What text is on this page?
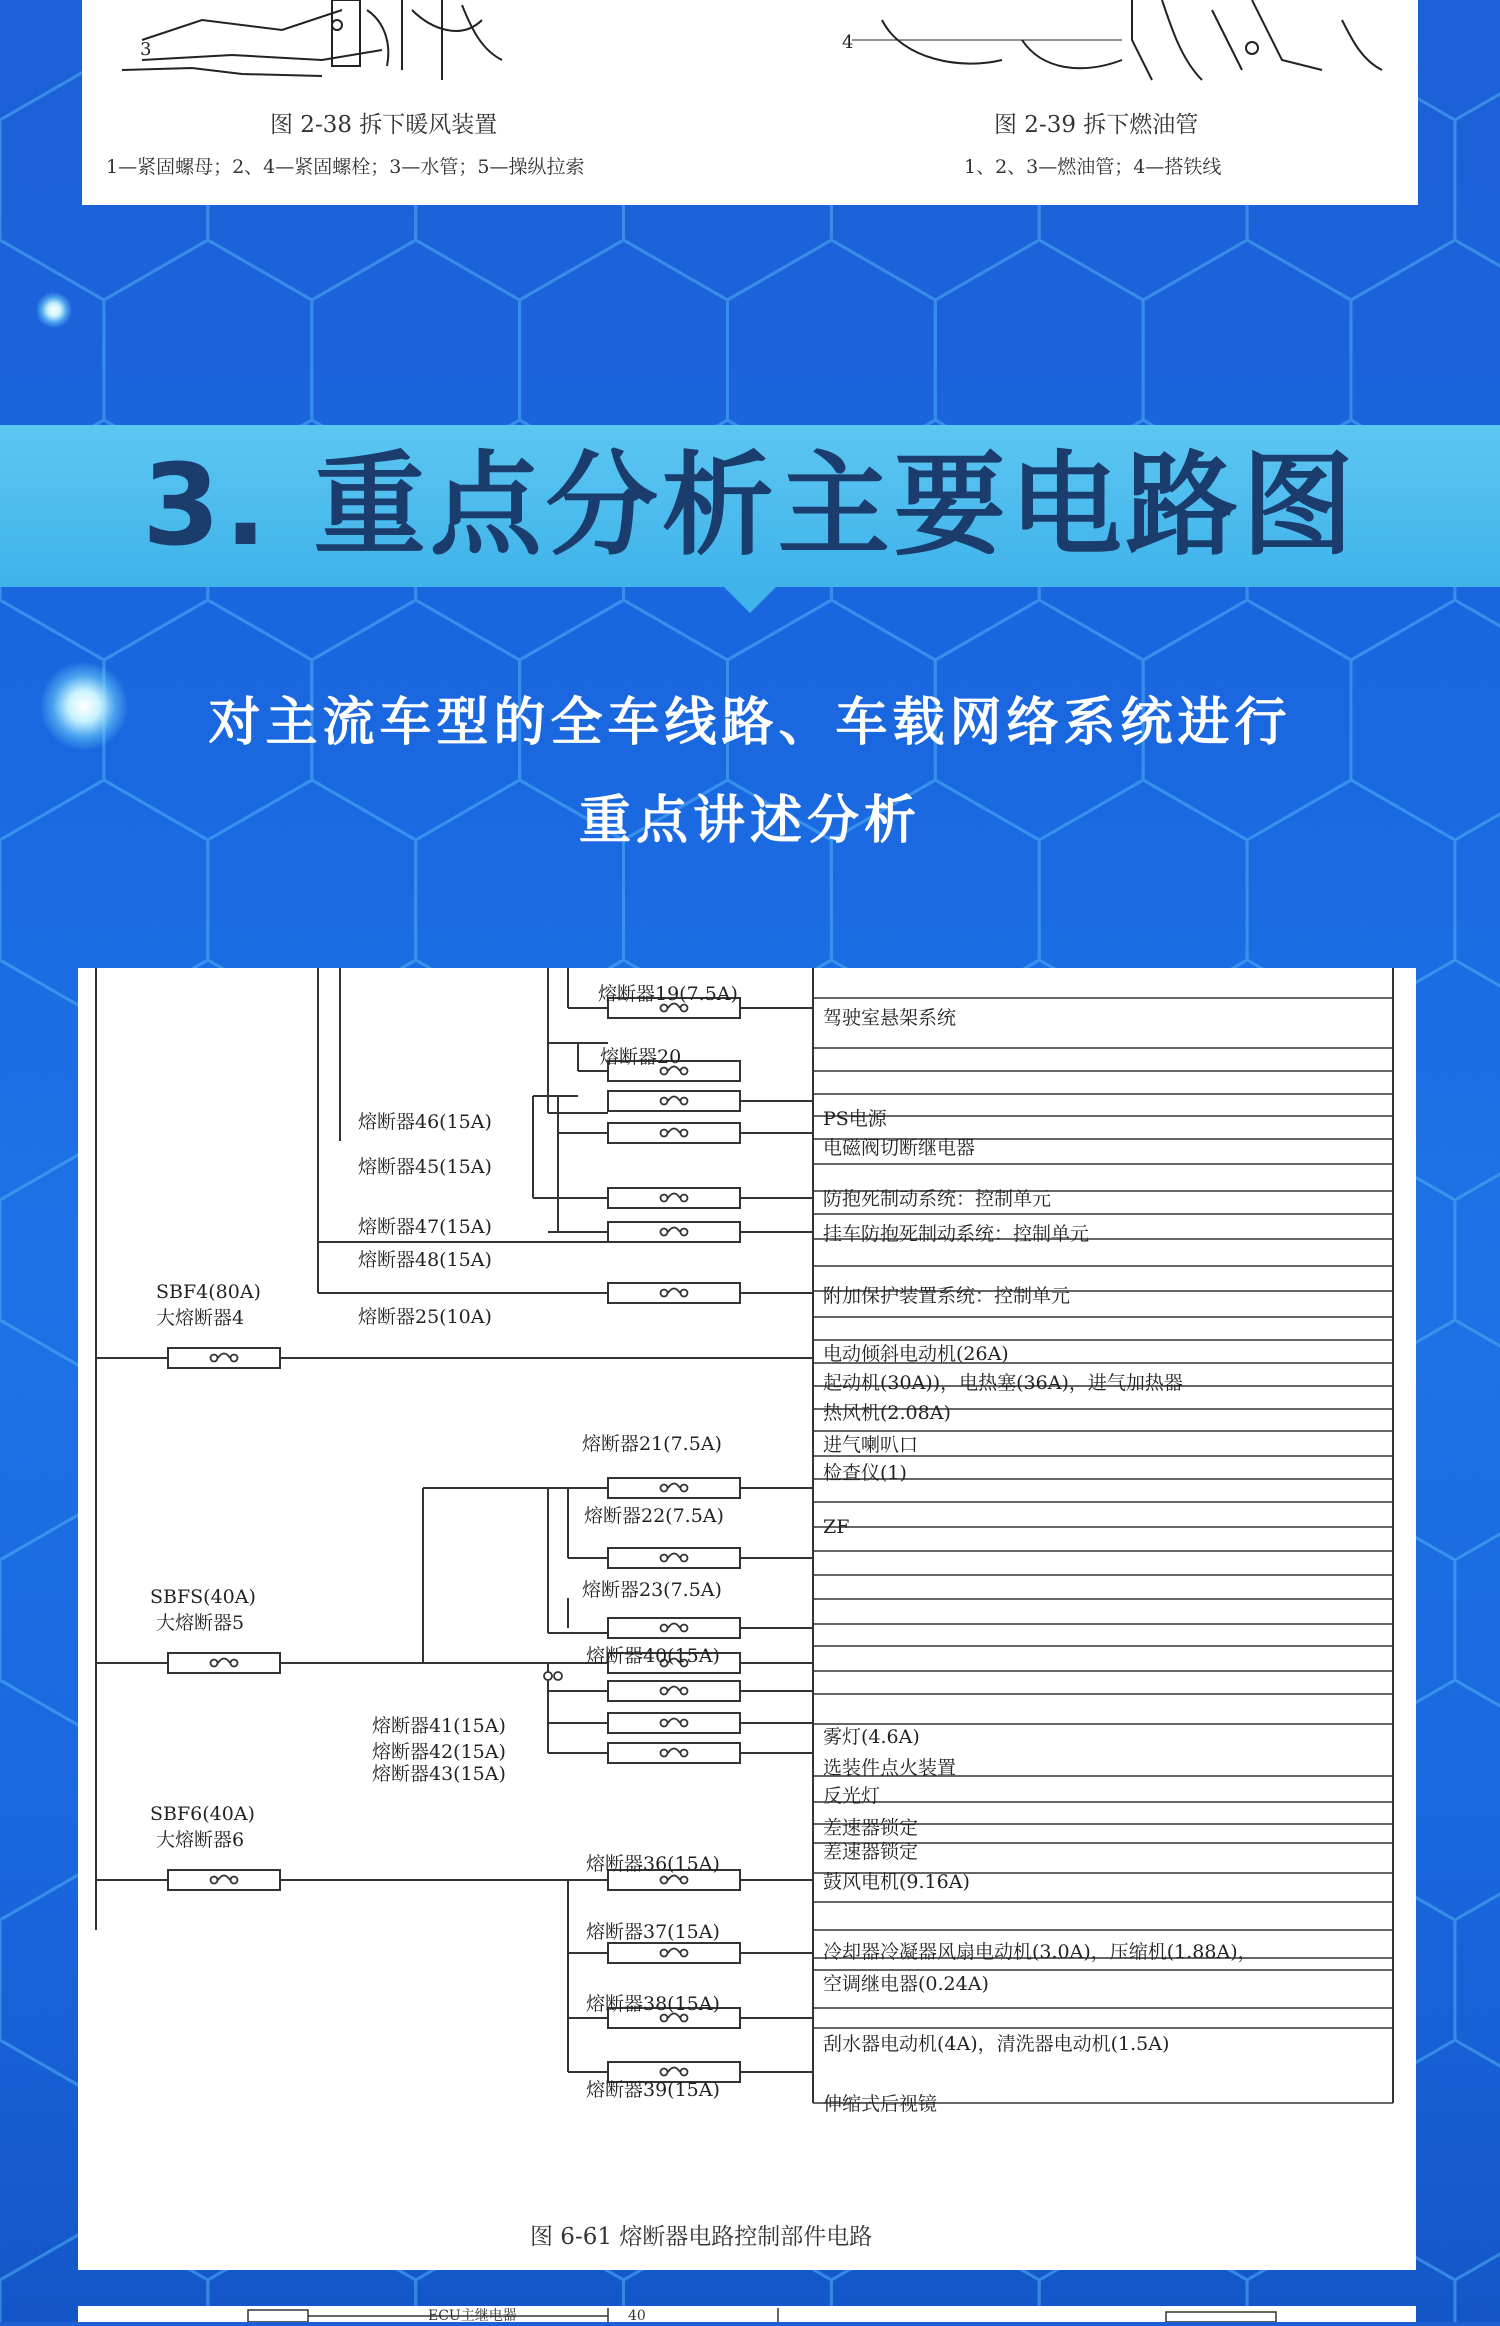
3	4
图 2-38 拆下暖风装置
1—紧固螺母；2、4—紧固螺栓；3—水管；5—操纵拉索
图 2-39 拆下燃油管
1、2、3—燃油管；4—搭铁线
3. 重点分析主要电路图
对主流车型的全车线路、车载网络系统进行
重点讲述分析
SBF4(80A)
大熔断器4
SBFS(40A)
大熔断器5
SBF6(40A)
大熔断器6
熔断器19(7.5A)
熔断器20
熔断器46(15A)
熔断器45(15A)
熔断器47(15A)
熔断器48(15A)
熔断器25(10A)
熔断器21(7.5A)
熔断器22(7.5A)
熔断器23(7.5A)
熔断器40(15A)
熔断器41(15A)
熔断器42(15A)
熔断器43(15A)
熔断器36(15A)
熔断器37(15A)
熔断器38(15A)
熔断器39(15A)
驾驶室悬架系统
PS电源
电磁阀切断继电器
防抱死制动系统：控制单元
挂车防抱死制动系统：控制单元
附加保护装置系统：控制单元
电动倾斜电动机(26A)
起动机(30A))，电热塞(36A)，进气加热器
热风机(2.08A)
进气喇叭口
检查仪(1)
ZF
雾灯(4.6A)
选装件点火装置
反光灯
差速器锁定
差速器锁定
鼓风电机(9.16A)
冷却器冷凝器风扇电动机(3.0A)，压缩机(1.88A)，
空调继电器(0.24A)
刮水器电动机(4A)，清洗器电动机(1.5A)
伸缩式后视镜
图 6-61 熔断器电路控制部件电路
ECU主继电器	40
